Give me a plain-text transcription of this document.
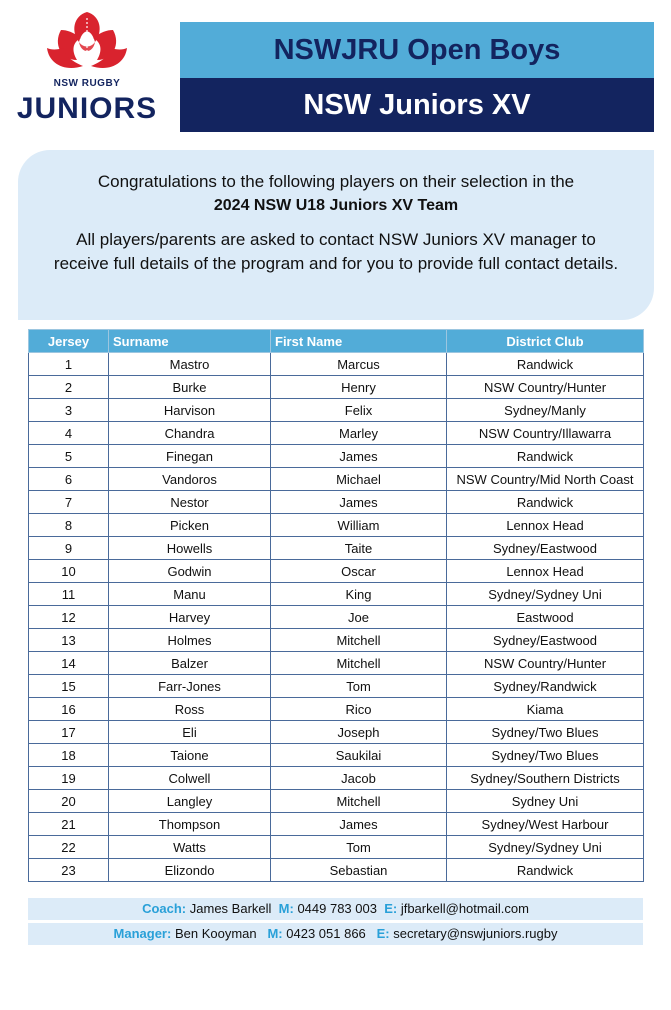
NSW RUGBY
JUNIORS
NSWJRU Open Boys
NSW Juniors XV

Congratulations to the following players on their selection in the

2024 NSW U18 Juniors XV Team

All players/parents are asked to contact NSW Juniors XV manager to receive full details of the program and for you to provide full contact details.

Jersey	Surname	First Name	District Club
1	Mastro	Marcus	Randwick
2	Burke	Henry	NSW Country/Hunter
3	Harvison	Felix	Sydney/Manly
4	Chandra	Marley	NSW Country/Illawarra
5	Finegan	James	Randwick
6	Vandoros	Michael	NSW Country/Mid North Coast
7	Nestor	James	Randwick
8	Picken	William	Lennox Head
9	Howells	Taite	Sydney/Eastwood
10	Godwin	Oscar	Lennox Head
11	Manu	King	Sydney/Sydney Uni
12	Harvey	Joe	Eastwood
13	Holmes	Mitchell	Sydney/Eastwood
14	Balzer	Mitchell	NSW Country/Hunter
15	Farr-Jones	Tom	Sydney/Randwick
16	Ross	Rico	Kiama
17	Eli	Joseph	Sydney/Two Blues
18	Taione	Saukilai	Sydney/Two Blues
19	Colwell	Jacob	Sydney/Southern Districts
20	Langley	Mitchell	Sydney Uni
21	Thompson	James	Sydney/West Harbour
22	Watts	Tom	Sydney/Sydney Uni
23	Elizondo	Sebastian	Randwick
Coach: James Barkell M: 0449 783 003 E: jfbarkell@hotmail.com
Manager: Ben Kooyman M: 0423 051 866 E: secretary@nswjuniors.rugby
